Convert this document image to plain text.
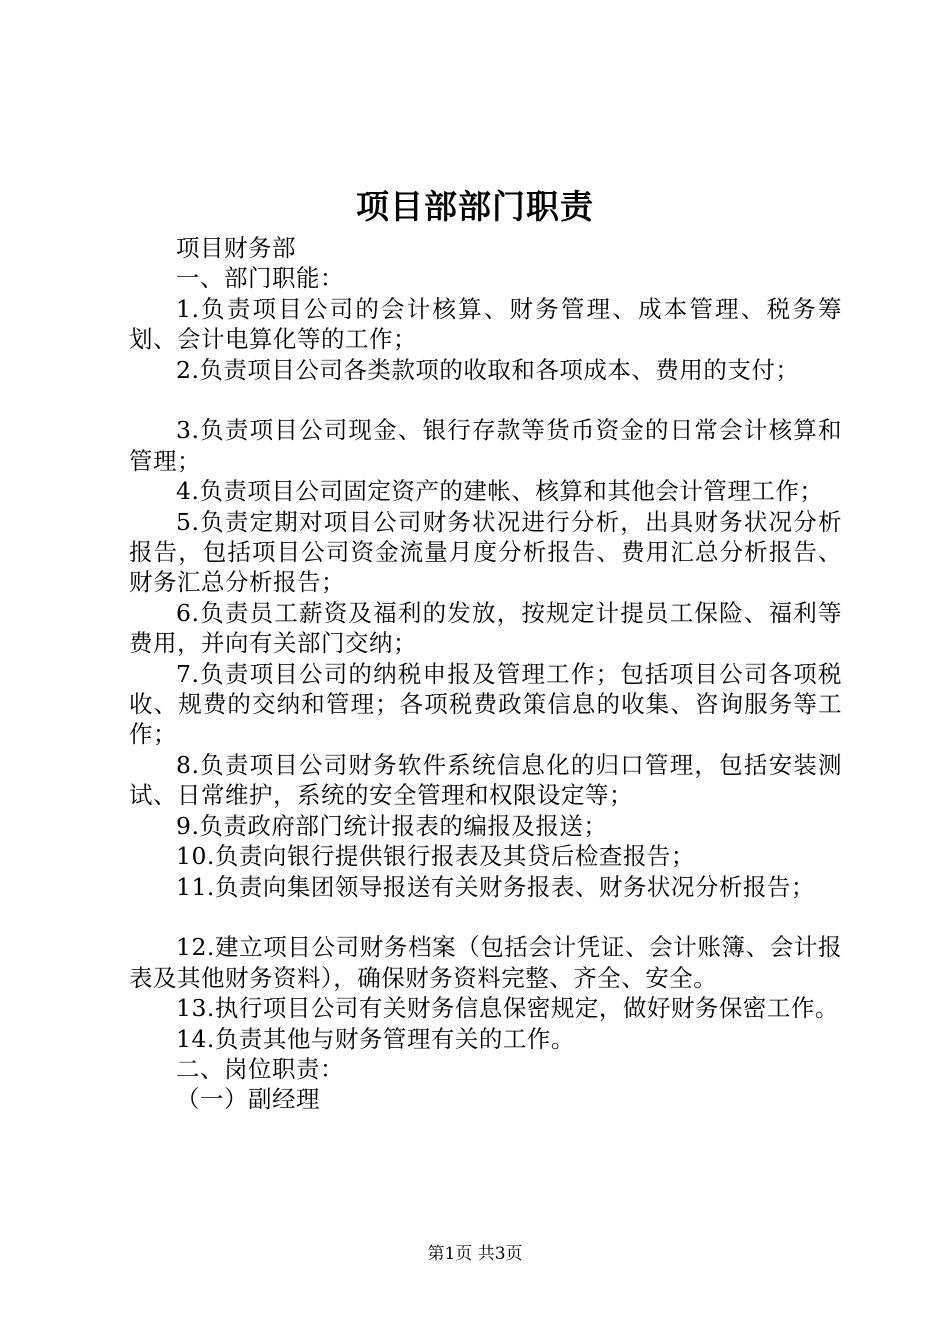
项目部部门职责

项目财务部

一、部门职能：

1.负责项目公司的会计核算、财务管理、成本管理、税务筹划、会计电算化等的工作；

2.负责项目公司各类款项的收取和各项成本、费用的支付；

3.负责项目公司现金、银行存款等货币资金的日常会计核算和管理；

4.负责项目公司固定资产的建帐、核算和其他会计管理工作；

5.负责定期对项目公司财务状况进行分析，出具财务状况分析报告，包括项目公司资金流量月度分析报告、费用汇总分析报告、财务汇总分析报告；

6.负责员工薪资及福利的发放，按规定计提员工保险、福利等费用，并向有关部门交纳；

7.负责项目公司的纳税申报及管理工作；包括项目公司各项税收、规费的交纳和管理；各项税费政策信息的收集、咨询服务等工作；

8.负责项目公司财务软件系统信息化的归口管理，包括安装测试、日常维护，系统的安全管理和权限设定等；

9.负责政府部门统计报表的编报及报送；

10.负责向银行提供银行报表及其贷后检查报告；

11.负责向集团领导报送有关财务报表、财务状况分析报告；

12.建立项目公司财务档案（包括会计凭证、会计账簿、会计报表及其他财务资料），确保财务资料完整、齐全、安全。

13.执行项目公司有关财务信息保密规定，做好财务保密工作。

14.负责其他与财务管理有关的工作。

二、岗位职责：

（一）副经理

第1页 共3页
